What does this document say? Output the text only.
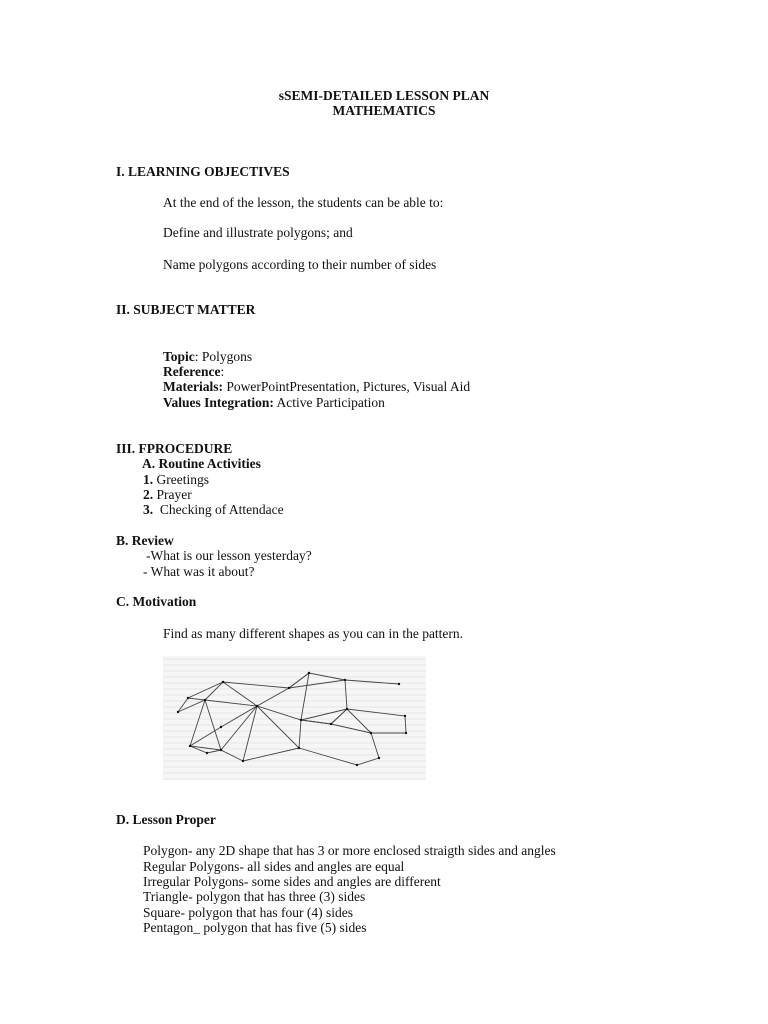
sSEMI-DETAILED LESSON PLAN
MATHEMATICS
I. LEARNING OBJECTIVES
At the end of the lesson, the students can be able to:
Define and illustrate polygons; and
Name polygons according to their number of sides
II. SUBJECT MATTER
Topic: Polygons
Reference:
Materials: PowerPointPresentation, Pictures, Visual Aid
Values Integration: Active Participation
III. FPROCEDURE
A. Routine Activities
1. Greetings
2. Prayer
3.  Checking of Attendace
B. Review
-What is our lesson yesterday?
- What was it about?
C. Motivation
Find as many different shapes as you can in the pattern.
D. Lesson Proper
Polygon- any 2D shape that has 3 or more enclosed straigth sides and angles
Regular Polygons- all sides and angles are equal
Irregular Polygons- some sides and angles are different
Triangle- polygon that has three (3) sides
Square- polygon that has four (4) sides
Pentagon_ polygon that has five (5) sides
